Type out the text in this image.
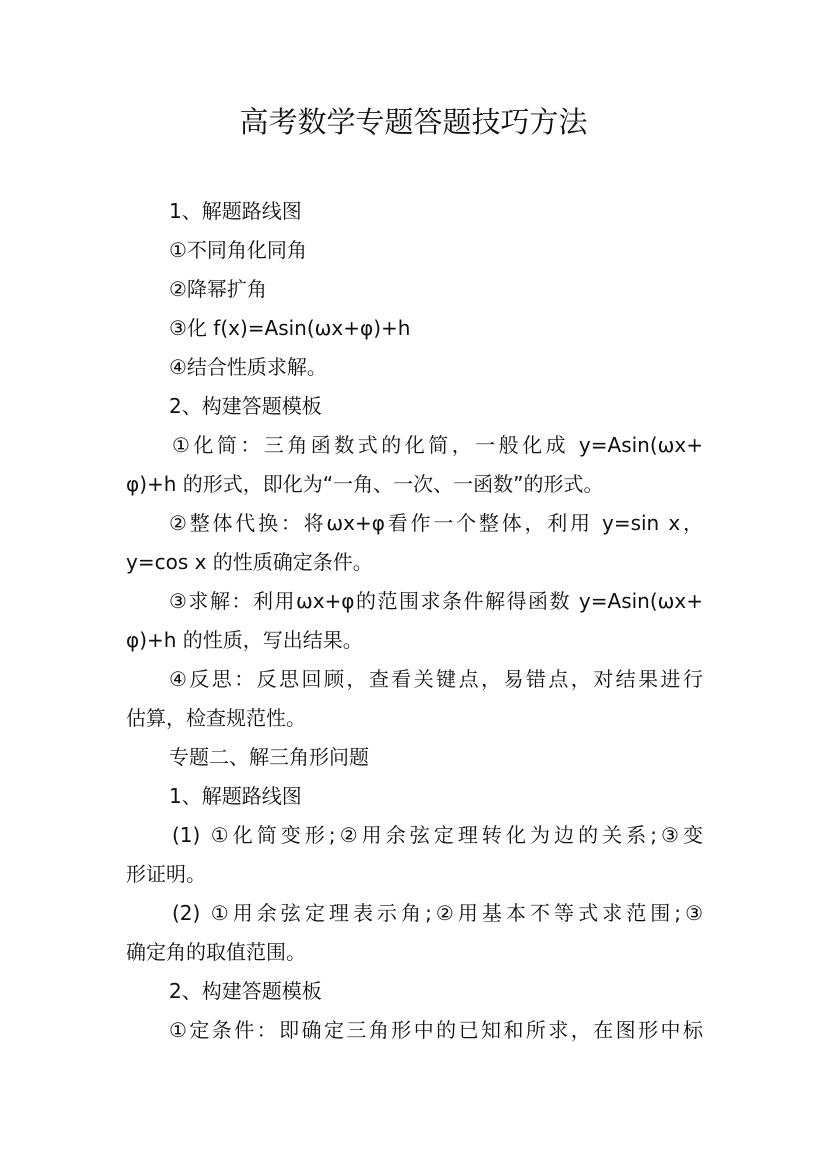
高考数学专题答题技巧方法
1、解题路线图
①不同角化同角
②降幂扩角
③化 f(x)=Asin(ωx+φ)+h
④结合性质求解。
2、构建答题模板
①化简：三角函数式的化简，一般化成 y=Asin(ωx+
φ)+h 的形式，即化为“一角、一次、一函数”的形式。
②整体代换：将ωx+φ看作一个整体，利用 y=sin x，
y=cos x 的性质确定条件。
③求解：利用ωx+φ的范围求条件解得函数 y=Asin(ωx+
φ)+h 的性质，写出结果。
④反思：反思回顾，查看关键点，易错点，对结果进行
估算，检查规范性。
专题二、解三角形问题
1、解题路线图
(1) ①化简变形;②用余弦定理转化为边的关系;③变
形证明。
(2) ①用余弦定理表示角;②用基本不等式求范围;③
确定角的取值范围。
2、构建答题模板
①定条件：即确定三角形中的已知和所求，在图形中标
